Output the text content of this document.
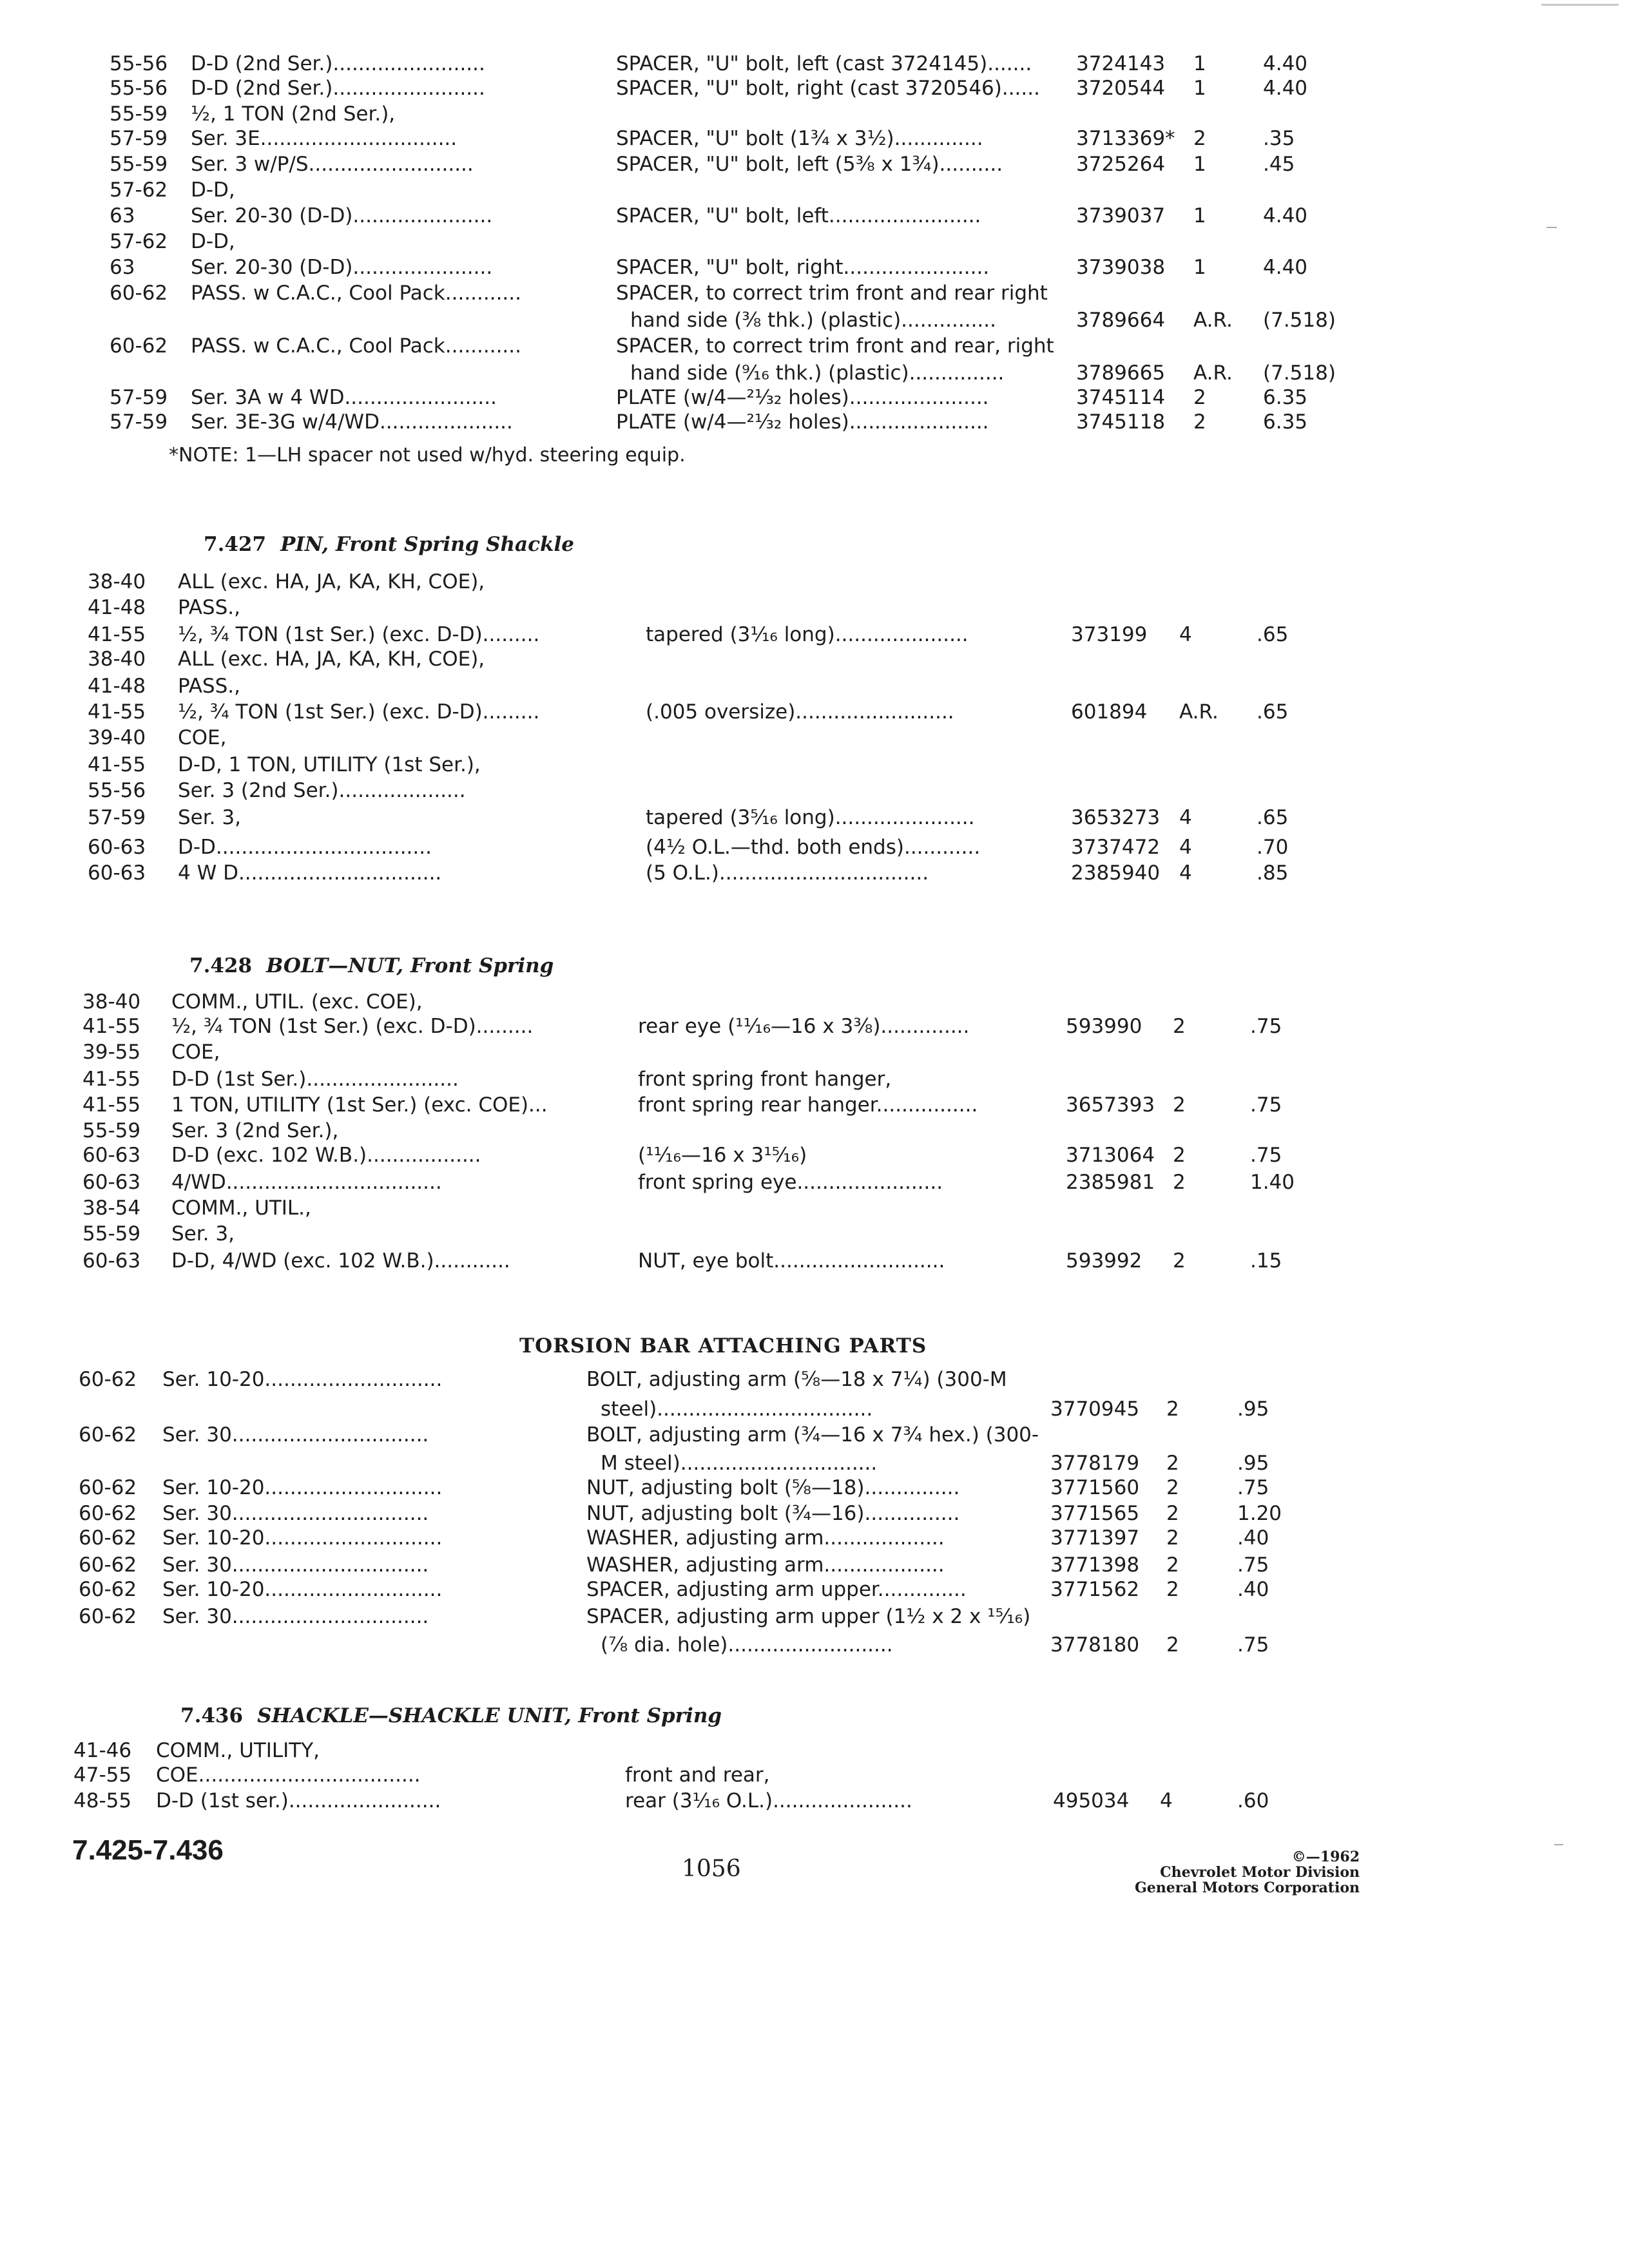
55-56 D-D (2nd Ser.)........................	SPACER, "U" bolt, left (cast 3724145)....... 3724143 1	4.40
55-56 D-D (2nd Ser.)........................	SPACER, "U" bolt, right (cast 3720546)...... 3720544 1	4.40
55-59 ½, 1 TON (2nd Ser.),
57-59 Ser. 3E...............................	SPACER, "U" bolt (1¾ x 3½)..............	3713369* 2	.35
55-59 Ser. 3 w/P/S..........................	SPACER, "U" bolt, left (5⅜ x 1¾)..........	3725264 1	.45
57-62 D-D,
63	Ser. 20-30 (D-D)......................	SPACER, "U" bolt, left........................	3739037 1	4.40
57-62 D-D,
63	Ser. 20-30 (D-D)......................	SPACER, "U" bolt, right.......................	3739038 1	4.40
60-62 PASS. w C.A.C., Cool Pack............	SPACER, to correct trim front and rear right
hand side (⅜ thk.) (plastic)...............	3789664 A.R. (7.518)
60-62 PASS. w C.A.C., Cool Pack............	SPACER, to correct trim front and rear, right
hand side (⁹⁄₁₆ thk.) (plastic)...............	3789665 A.R. (7.518)
57-59 Ser. 3A w 4 WD........................	PLATE (w/4—²¹⁄₃₂ holes)......................	3745114 2	6.35
57-59 Ser. 3E-3G w/4/WD.....................	PLATE (w/4—²¹⁄₃₂ holes)......................	3745118 2	6.35
*NOTE: 1—LH spacer not used w/hyd. steering equip.
7.427 PIN, Front Spring Shackle
38-40 ALL (exc. HA, JA, KA, KH, COE),
41-48 PASS.,
41-55 ½, ¾ TON (1st Ser.) (exc. D-D).........	tapered (3⅟₁₆ long).....................	373199 4	.65
38-40 ALL (exc. HA, JA, KA, KH, COE),
41-48 PASS.,
41-55 ½, ¾ TON (1st Ser.) (exc. D-D).........	(.005 oversize).........................	601894 A.R. .65
39-40 COE,
41-55 D-D, 1 TON, UTILITY (1st Ser.),
55-56 Ser. 3 (2nd Ser.)....................
57-59 Ser. 3,	tapered (3⁵⁄₁₆ long)......................	3653273 4	.65
60-63 D-D..................................	(4½ O.L.—thd. both ends)............	3737472 4	.70
60-63 4 W D................................	(5 O.L.).................................	2385940 4	.85
7.428 BOLT—NUT, Front Spring
38-40 COMM., UTIL. (exc. COE),
41-55 ½, ¾ TON (1st Ser.) (exc. D-D).........	rear eye (¹¹⁄₁₆—16 x 3⅜)..............	593990 2	.75
39-55 COE,
41-55 D-D (1st Ser.)........................	front spring front hanger,
41-55 1 TON, UTILITY (1st Ser.) (exc. COE)...	front spring rear hanger................	3657393 2	.75
55-59 Ser. 3 (2nd Ser.),
60-63 D-D (exc. 102 W.B.)..................	(¹¹⁄₁₆—16 x 3¹⁵⁄₁₆)	3713064 2	.75
60-63 4/WD..................................	front spring eye.......................	2385981 2	1.40
38-54 COMM., UTIL.,
55-59 Ser. 3,
60-63 D-D, 4/WD (exc. 102 W.B.)............	NUT, eye bolt...........................	593992 2	.15
TORSION BAR ATTACHING PARTS
60-62 Ser. 10-20............................	BOLT, adjusting arm (⅝—18 x 7¼) (300-M
steel)..................................	3770945 2	.95
60-62 Ser. 30...............................	BOLT, adjusting arm (¾—16 x 7¾ hex.) (300-
M steel)...............................	3778179 2	.95
60-62 Ser. 10-20............................	NUT, adjusting bolt (⅝—18)...............	3771560 2	.75
60-62 Ser. 30...............................	NUT, adjusting bolt (¾—16)...............	3771565 2	1.20
60-62 Ser. 10-20............................	WASHER, adjusting arm...................	3771397 2	.40
60-62 Ser. 30...............................	WASHER, adjusting arm...................	3771398 2	.75
60-62 Ser. 10-20............................	SPACER, adjusting arm upper..............	3771562 2	.40
60-62 Ser. 30...............................	SPACER, adjusting arm upper (1½ x 2 x ¹⁵⁄₁₆)
(⅞ dia. hole)..........................	3778180 2	.75
7.436 SHACKLE—SHACKLE UNIT, Front Spring
41-46 COMM., UTILITY,
47-55 COE...................................	front and rear,
48-55 D-D (1st ser.)........................	rear (3⅟₁₆ O.L.)......................	495034 4	.60
7.425-7.436
1056	©—1962
Chevrolet Motor Division
General Motors Corporation
